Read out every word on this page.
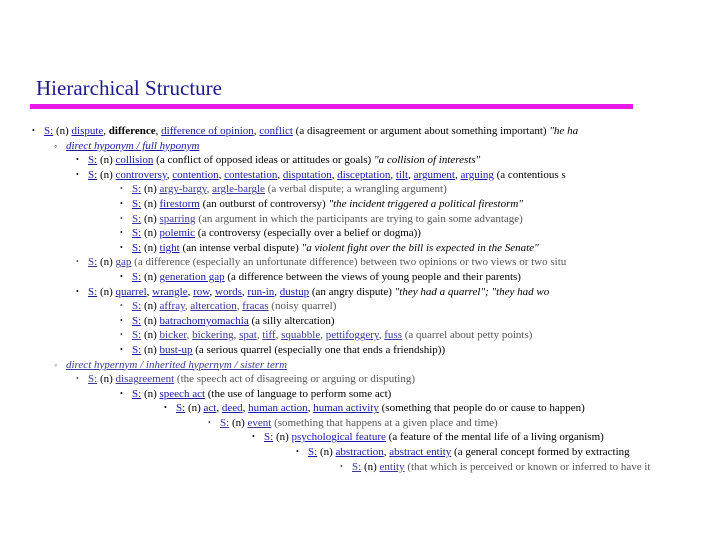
Hierarchical Structure
• S: (n) dispute, difference, difference of opinion, conflict (a disagreement or argument about something important) "he ha
◦ direct hyponym / full hyponym
• S: (n) collision (a conflict of opposed ideas or attitudes or goals) "a collision of interests"
• S: (n) controversy, contention, contestation, disputation, disceptation, tilt, argument, arguing (a contentious s
• S: (n) argy-bargy, argle-bargle (a verbal dispute; a wrangling argument)
• S: (n) firestorm (an outburst of controversy) "the incident triggered a political firestorm"
• S: (n) sparring (an argument in which the participants are trying to gain some advantage)
• S: (n) polemic (a controversy (especially over a belief or dogma))
• S: (n) tight (an intense verbal dispute) "a violent fight over the bill is expected in the Senate"
• S: (n) gap (a difference (especially an unfortunate difference) between two opinions or two views or two situ
• S: (n) generation gap (a difference between the views of young people and their parents)
• S: (n) quarrel, wrangle, row, words, run-in, dustup (an angry dispute) "they had a quarrel"; "they had wo
• S: (n) affray, altercation, fracas (noisy quarrel)
• S: (n) batrachomyomachia (a silly altercation)
• S: (n) bicker, bickering, spat, tiff, squabble, pettifoggery, fuss (a quarrel about petty points)
• S: (n) bust-up (a serious quarrel (especially one that ends a friendship))
◦ direct hypernym / inherited hypernym / sister term
• S: (n) disagreement (the speech act of disagreeing or arguing or disputing)
• S: (n) speech act (the use of language to perform some act)
• S: (n) act, deed, human action, human activity (something that people do or cause to happen)
• S: (n) event (something that happens at a given place and time)
• S: (n) psychological feature (a feature of the mental life of a living organism)
• S: (n) abstraction, abstract entity (a general concept formed by extracting
• S: (n) entity (that which is perceived or known or inferred to have it
